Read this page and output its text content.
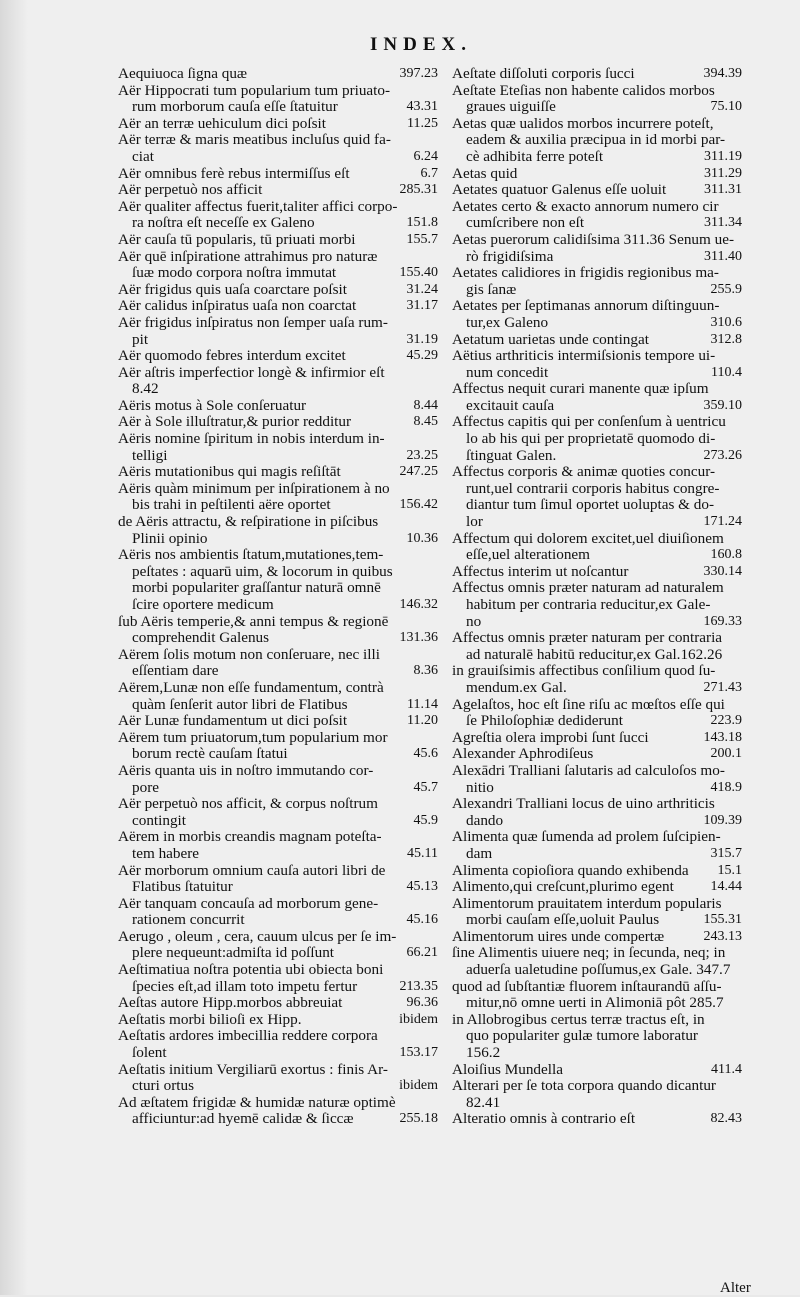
INDEX.
Aequiuoca ſigna quæ	397.23
Aër Hippocrati tum popularium tum priuato-
rum morborum cauſa eſſe ſtatuitur	43.31
Aër an terræ uehiculum dici poſsit	11.25
Aër terræ & maris meatibus incluſus quid fa-
ciat	6.24
Aër omnibus ferè rebus intermiſſus eſt	6.7
Aër perpetuò nos afficit	285.31
Aër qualiter affectus fuerit,taliter affici corpo-
ra noſtra eſt neceſſe ex Galeno	151.8
Aër cauſa tū popularis, tū priuati morbi	155.7
Aër quē inſpiratione attrahimus pro naturæ
ſuæ modo corpora noſtra immutat	155.40
Aër frigidus quis uaſa coarctare poſsit	31.24
Aër calidus inſpiratus uaſa non coarctat	31.17
Aër frigidus inſpiratus non ſemper uaſa rum-
pit	31.19
Aër quomodo febres interdum excitet	45.29
Aër aſtris imperfectior longè & infirmior eſt
8.42
Aëris motus à Sole conſeruatur	8.44
Aër à Sole illuſtratur,& purior redditur	8.45
Aëris nomine ſpiritum in nobis interdum in-
telligi	23.25
Aëris mutationibus qui magis reſiſtāt	247.25
Aëris quàm minimum per inſpirationem à no
bis trahi in peſtilenti aëre oportet	156.42
de Aëris attractu, & reſpiratione in piſcibus
Plinii opinio	10.36
Aëris nos ambientis ſtatum,mutationes,tem-
peſtates : aquarū uim, & locorum in quibus
morbi populariter graſſantur naturā omnē
ſcire oportere medicum	146.32
ſub Aëris temperie,& anni tempus & regionē
comprehendit Galenus	131.36
Aërem ſolis motum non conſeruare, nec illi
eſſentiam dare	8.36
Aërem,Lunæ non eſſe fundamentum, contrà
quàm ſenſerit autor libri de Flatibus	11.14
Aër Lunæ fundamentum ut dici poſsit	11.20
Aërem tum priuatorum,tum popularium mor
borum rectè cauſam ſtatui	45.6
Aëris quanta uis in noſtro immutando cor-
pore	45.7
Aër perpetuò nos afficit, & corpus noſtrum
contingit	45.9
Aërem in morbis creandis magnam poteſta-
tem habere	45.11
Aër morborum omnium cauſa autori libri de
Flatibus ſtatuitur	45.13
Aër tanquam concauſa ad morborum gene-
rationem concurrit	45.16
Aerugo , oleum , cera, cauum ulcus per ſe im-
plere nequeunt:admiſta id poſſunt	66.21
Aeſtimatiua noſtra potentia ubi obiecta boni
ſpecies eſt,ad illam toto impetu fertur	213.35
Aeſtas autore Hipp.morbos abbreuiat	96.36
Aeſtatis morbi bilioſi ex Hipp.	ibidem
Aeſtatis ardores imbecillia reddere corpora
ſolent	153.17
Aeſtatis initium Vergiliarū exortus : finis Ar-
cturi ortus	ibidem
Ad æſtatem frigidæ & humidæ naturæ optimè
afficiuntur:ad hyemē calidæ & ſiccæ	255.18
Aeſtate diſſoluti corporis ſucci	394.39
Aeſtate Eteſias non habente calidos morbos
graues uiguiſſe	75.10
Aetas quæ ualidos morbos incurrere poteſt,
eadem & auxilia præcipua in id morbi par-
cè adhibita ferre poteſt	311.19
Aetas quid	311.29
Aetates quatuor Galenus eſſe uoluit	311.31
Aetates certo & exacto annorum numero cir
cumſcribere non eſt	311.34
Aetas puerorum calidiſsima 311.36 Senum ue-
rò frigidiſsima	311.40
Aetates calidiores in frigidis regionibus ma-
gis ſanæ	255.9
Aetates per ſeptimanas annorum diſtinguun-
tur,ex Galeno	310.6
Aetatum uarietas unde contingat	312.8
Aëtius arthriticis intermiſsionis tempore ui-
num concedit	110.4
Affectus nequit curari manente quæ ipſum
excitauit cauſa	359.10
Affectus capitis qui per conſenſum à uentricu
lo ab his qui per proprietatē quomodo di-
ſtinguat Galen.	273.26
Affectus corporis & animæ quoties concur-
runt,uel contrarii corporis habitus congre-
diantur tum ſimul oportet uoluptas & do-
lor	171.24
Affectum qui dolorem excitet,uel diuiſionem
eſſe,uel alterationem	160.8
Affectus interim ut noſcantur	330.14
Affectus omnis præter naturam ad naturalem
habitum per contraria reducitur,ex Gale-
no	169.33
Affectus omnis præter naturam per contraria
ad naturalē habitū reducitur,ex Gal.162.26
in grauiſsimis affectibus conſilium quod ſu-
mendum.ex Gal.	271.43
Agelaſtos, hoc eſt ſine riſu ac mœſtos eſſe qui
ſe Philoſophiæ dediderunt	223.9
Agreſtia olera improbi ſunt ſucci	143.18
Alexander Aphrodiſeus	200.1
Alexādri Tralliani ſalutaris ad calculoſos mo-
nitio	418.9
Alexandri Tralliani locus de uino arthriticis
dando	109.39
Alimenta quæ ſumenda ad prolem ſuſcipien-
dam	315.7
Alimenta copioſiora quando exhibenda	15.1
Alimento,qui creſcunt,plurimo egent	14.44
Alimentorum prauitatem interdum popularis
morbi cauſam eſſe,uoluit Paulus	155.31
Alimentorum uires unde compertæ	243.13
ſine Alimentis uiuere neq; in ſecunda, neq; in
aduerſa ualetudine poſſumus,ex Gale. 347.7
quod ad ſubſtantiæ fluorem inſtaurandū aſſu-
mitur,nō omne uerti in Alimoniā pôt 285.7
in Allobrogibus certus terræ tractus eſt, in
quo populariter gulæ tumore laboratur
156.2
Aloiſius Mundella	411.4
Alterari per ſe tota corpora quando dicantur
82.41
Alteratio omnis à contrario eſt	82.43
Alter
